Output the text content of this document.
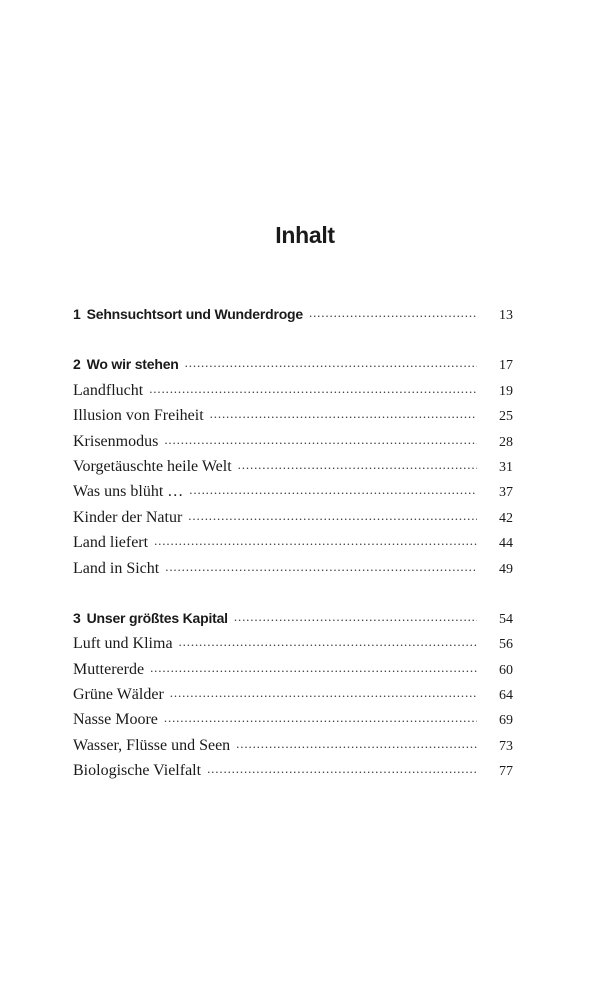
Inhalt
1 Sehnsuchtsort und Wunderdroge . . .	13
2 Wo wir stehen . . .	17
Landflucht . . .	19
Illusion von Freiheit . . .	25
Krisenmodus . . .	28
Vorgetäuschte heile Welt . . .	31
Was uns blüht … . . .	37
Kinder der Natur . . .	42
Land liefert . . .	44
Land in Sicht . . .	49
3 Unser größtes Kapital . . .	54
Luft und Klima . . .	56
Muttererde . . .	60
Grüne Wälder . . .	64
Nasse Moore . . .	69
Wasser, Flüsse und Seen . . .	73
Biologische Vielfalt . . .	77
